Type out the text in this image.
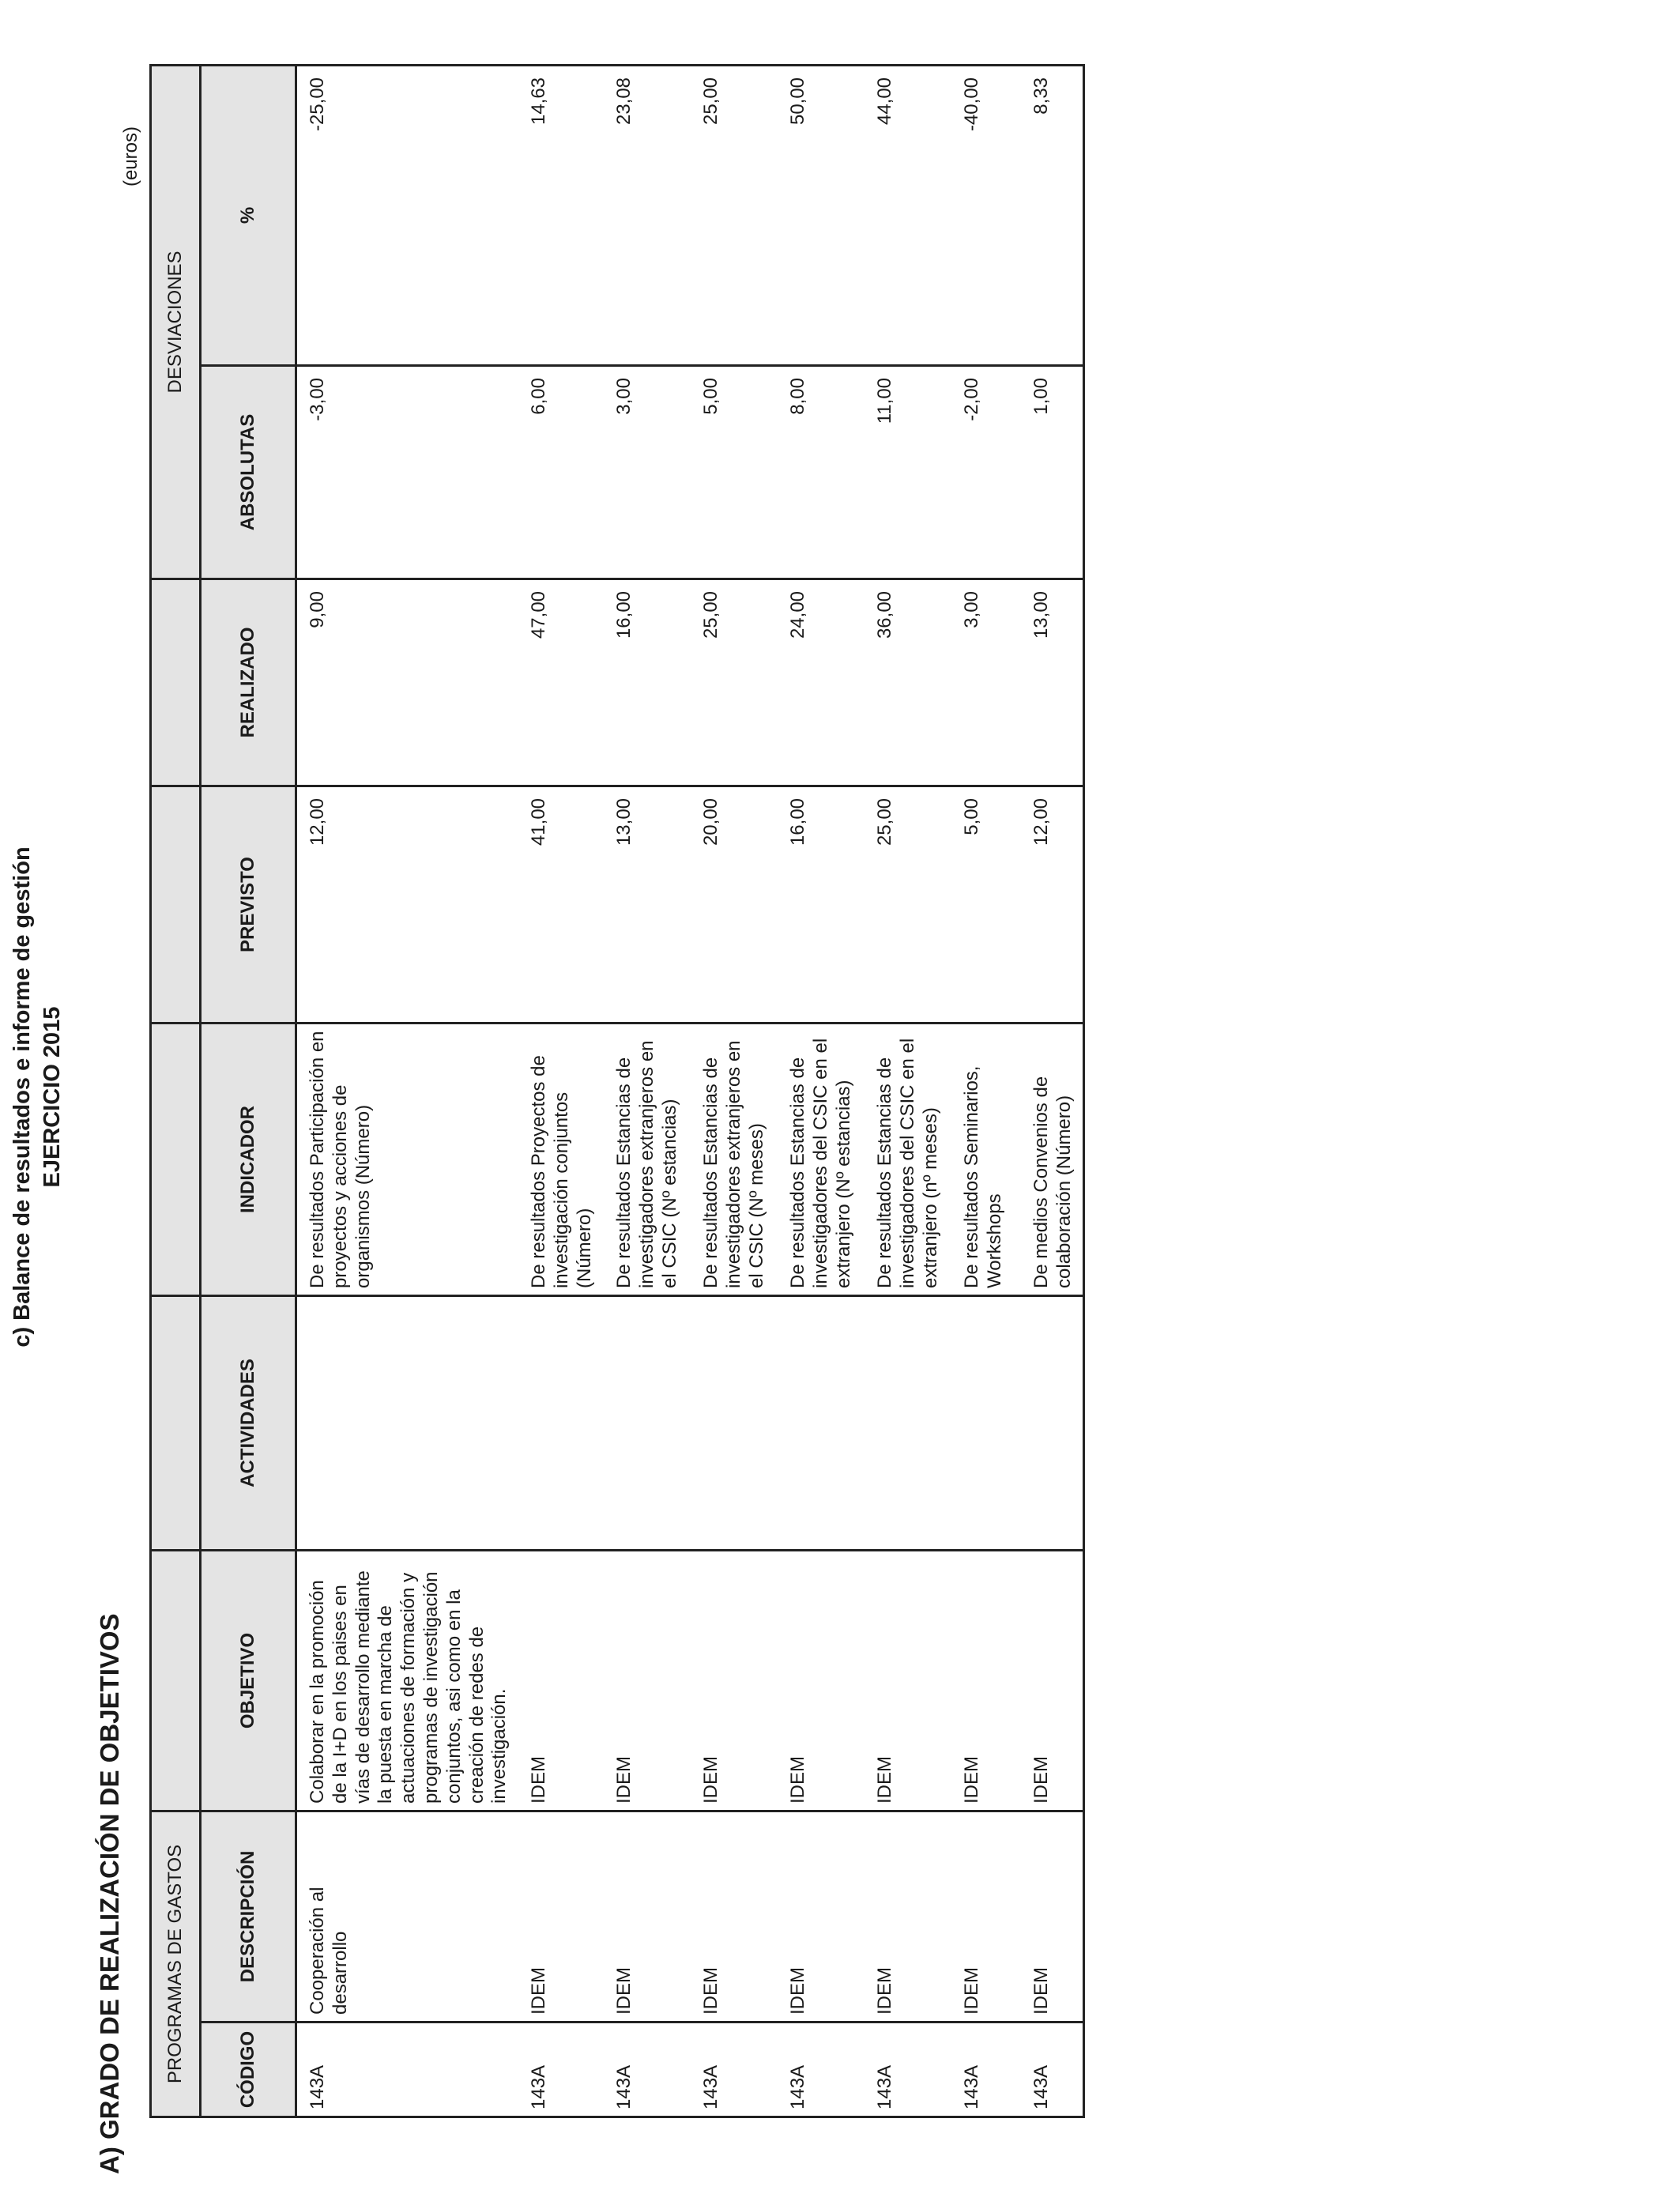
c) Balance de resultados e informe de gestión EJERCICIO 2015
A) GRADO DE REALIZACIÓN DE OBJETIVOS
(euros)
PROGRAMAS DE GASTOS							DESVIACIONES	
CÓDIGO	DESCRIPCIÓN	OBJETIVO	ACTIVIDADES	INDICADOR	PREVISTO	REALIZADO	ABSOLUTAS	%
143A	Cooperación al desarrollo	Colaborar en la promoción de la I+D en los paises en vías de desarrollo mediante la puesta en marcha de actuaciones de formación y programas de investigación conjuntos, asi como en la creación de redes de investigación.		De resultados Participación en proyectos y acciones de organismos (Número)	12,00	9,00	-3,00	-25,00
143A	IDEM	IDEM		De resultados Proyectos de investigación conjuntos (Número)	41,00	47,00	6,00	14,63
143A	IDEM	IDEM		De resultados Estancias de investigadores extranjeros en el CSIC (Nº estancias)	13,00	16,00	3,00	23,08
143A	IDEM	IDEM		De resultados Estancias de investigadores extranjeros en el CSIC (Nº meses)	20,00	25,00	5,00	25,00
143A	IDEM	IDEM		De resultados Estancias de investigadores del CSIC en el extranjero (Nº estancias)	16,00	24,00	8,00	50,00
143A	IDEM	IDEM		De resultados Estancias de investigadores del CSIC en el extranjero (nº meses)	25,00	36,00	11,00	44,00
143A	IDEM	IDEM		De resultados Seminarios, Workshops	5,00	3,00	-2,00	-40,00
143A	IDEM	IDEM		De medios Convenios de colaboración (Número)	12,00	13,00	1,00	8,33
